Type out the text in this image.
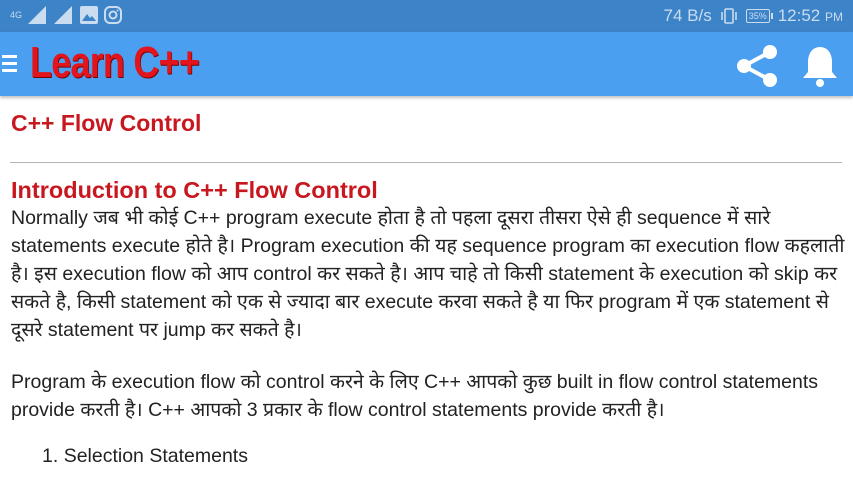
4G	74 B/s	35% 12:52 PM
Learn C++
C++ Flow Control
Introduction to C++ Flow Control

Normally जब भी कोई C++ program execute होता है तो पहला दूसरा तीसरा ऐसे ही sequence में सारे statements execute होते है। Program execution की यह sequence program का execution flow कहलाती है। इस execution flow को आप control कर सकते है। आप चाहे तो किसी statement के execution को skip कर सकते है, किसी statement को एक से ज्यादा बार execute करवा सकते है या फिर program में एक statement से दूसरे statement पर jump कर सकते है।

Program के execution flow को control करने के लिए C++ आपको कुछ built in flow control statements provide करती है। C++ आपको 3 प्रकार के flow control statements provide करती है।

1. Selection Statements
